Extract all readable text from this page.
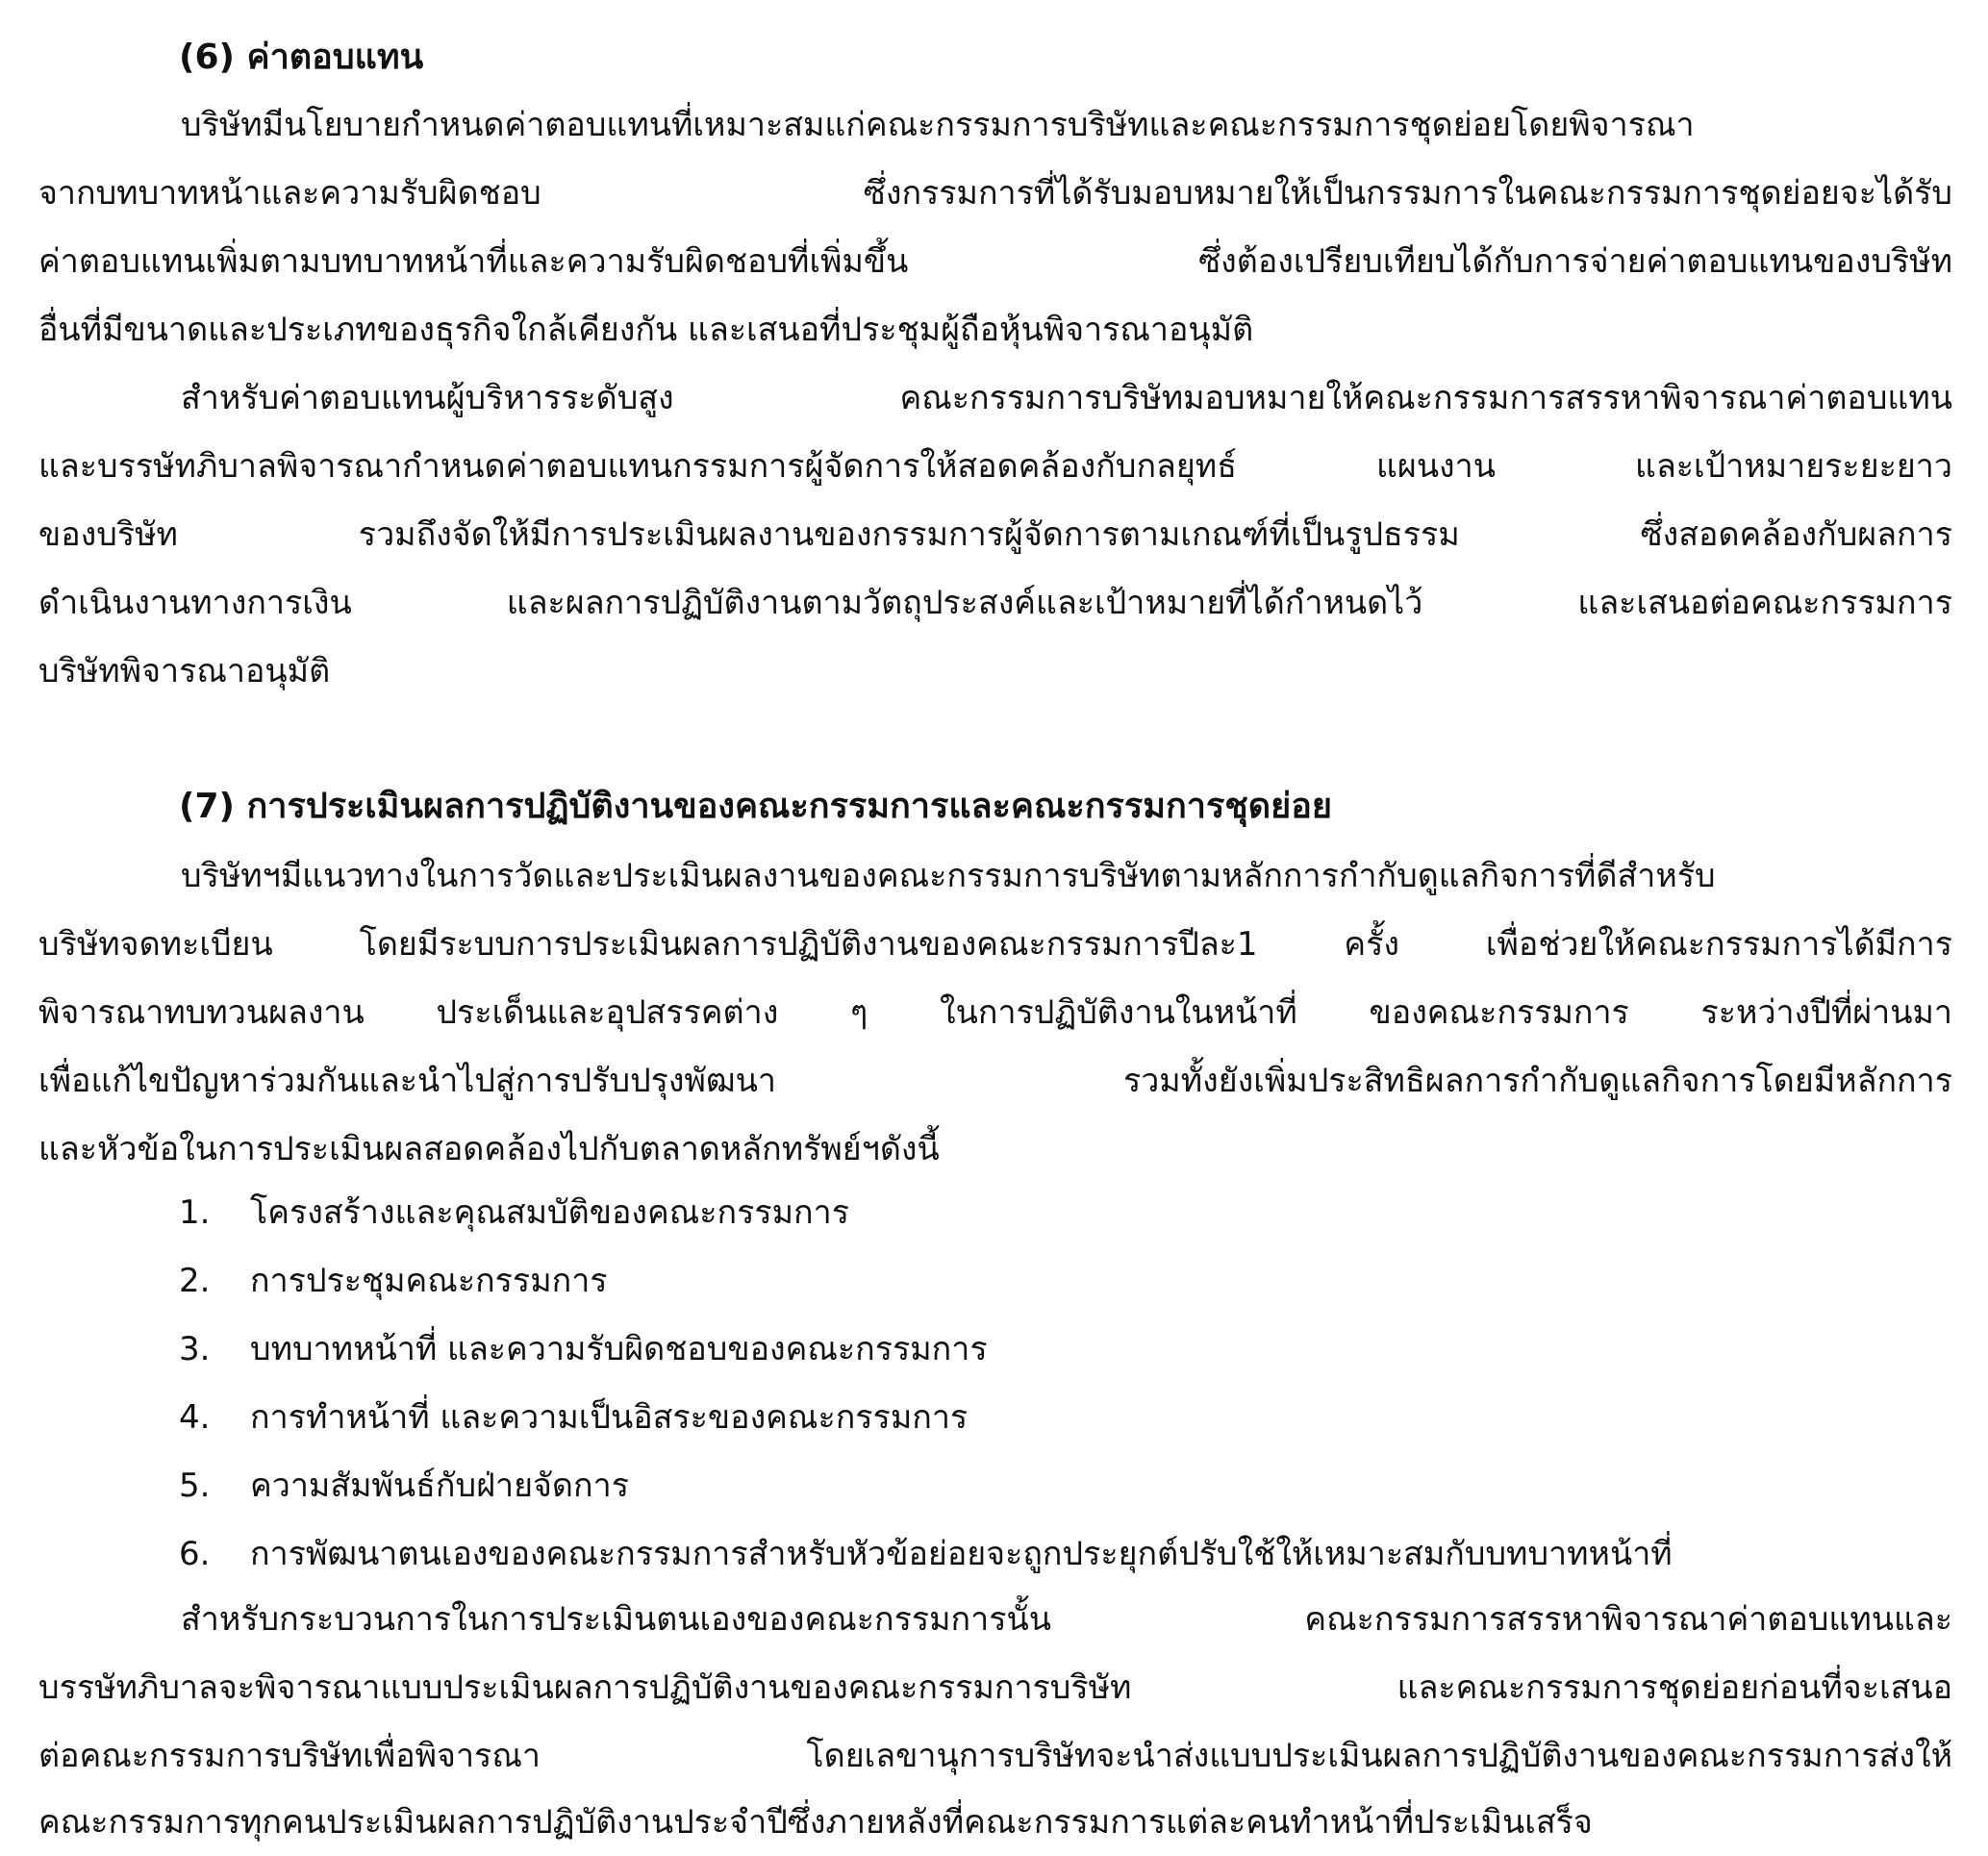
(6) ค่าตอบแทน
บริษัทมีนโยบายกำหนดค่าตอบแทนที่เหมาะสมแก่คณะกรรมการบริษัทและคณะกรรมการชุดย่อยโดยพิจารณา
จากบทบาทหน้าและความรับผิดชอบ ซึ่งกรรมการที่ได้รับมอบหมายให้เป็นกรรมการในคณะกรรมการชุดย่อยจะได้รับ
ค่าตอบแทนเพิ่มตามบทบาทหน้าที่และความรับผิดชอบที่เพิ่มขึ้น ซึ่งต้องเปรียบเทียบได้กับการจ่ายค่าตอบแทนของบริษัท
อื่นที่มีขนาดและประเภทของธุรกิจใกล้เคียงกัน และเสนอที่ประชุมผู้ถือหุ้นพิจารณาอนุมัติ
สำหรับค่าตอบแทนผู้บริหารระดับสูง คณะกรรมการบริษัทมอบหมายให้คณะกรรมการสรรหาพิจารณาค่าตอบแทน
และบรรษัทภิบาลพิจารณากำหนดค่าตอบแทนกรรมการผู้จัดการให้สอดคล้องกับกลยุทธ์ แผนงาน และเป้าหมายระยะยาว
ของบริษัท รวมถึงจัดให้มีการประเมินผลงานของกรรมการผู้จัดการตามเกณฑ์ที่เป็นรูปธรรม ซึ่งสอดคล้องกับผลการ
ดำเนินงานทางการเงิน และผลการปฏิบัติงานตามวัตถุประสงค์และเป้าหมายที่ได้กำหนดไว้ และเสนอต่อคณะกรรมการ
บริษัทพิจารณาอนุมัติ
(7) การประเมินผลการปฏิบัติงานของคณะกรรมการและคณะกรรมการชุดย่อย
บริษัทฯมีแนวทางในการวัดและประเมินผลงานของคณะกรรมการบริษัทตามหลักการกำกับดูแลกิจการที่ดีสำหรับ
บริษัทจดทะเบียน โดยมีระบบการประเมินผลการปฏิบัติงานของคณะกรรมการปีละ1 ครั้ง เพื่อช่วยให้คณะกรรมการได้มีการ
พิจารณาทบทวนผลงาน ประเด็นและอุปสรรคต่าง ๆ ในการปฏิบัติงานในหน้าที่ ของคณะกรรมการ ระหว่างปีที่ผ่านมา
เพื่อแก้ไขปัญหาร่วมกันและนำไปสู่การปรับปรุงพัฒนา รวมทั้งยังเพิ่มประสิทธิผลการกำกับดูแลกิจการโดยมีหลักการ
และหัวข้อในการประเมินผลสอดคล้องไปกับตลาดหลักทรัพย์ฯดังนี้
1. โครงสร้างและคุณสมบัติของคณะกรรมการ
2. การประชุมคณะกรรมการ
3. บทบาทหน้าที่ และความรับผิดชอบของคณะกรรมการ
4. การทำหน้าที่ และความเป็นอิสระของคณะกรรมการ
5. ความสัมพันธ์กับฝ่ายจัดการ
6. การพัฒนาตนเองของคณะกรรมการสำหรับหัวข้อย่อยจะถูกประยุกต์ปรับใช้ให้เหมาะสมกับบทบาทหน้าที่
สำหรับกระบวนการในการประเมินตนเองของคณะกรรมการนั้น คณะกรรมการสรรหาพิจารณาค่าตอบแทนและ
บรรษัทภิบาลจะพิจารณาแบบประเมินผลการปฏิบัติงานของคณะกรรมการบริษัท และคณะกรรมการชุดย่อยก่อนที่จะเสนอ
ต่อคณะกรรมการบริษัทเพื่อพิจารณา โดยเลขานุการบริษัทจะนำส่งแบบประเมินผลการปฏิบัติงานของคณะกรรมการส่งให้
คณะกรรมการทุกคนประเมินผลการปฏิบัติงานประจำปีซึ่งภายหลังที่คณะกรรมการแต่ละคนทำหน้าที่ประเมินเสร็จ
